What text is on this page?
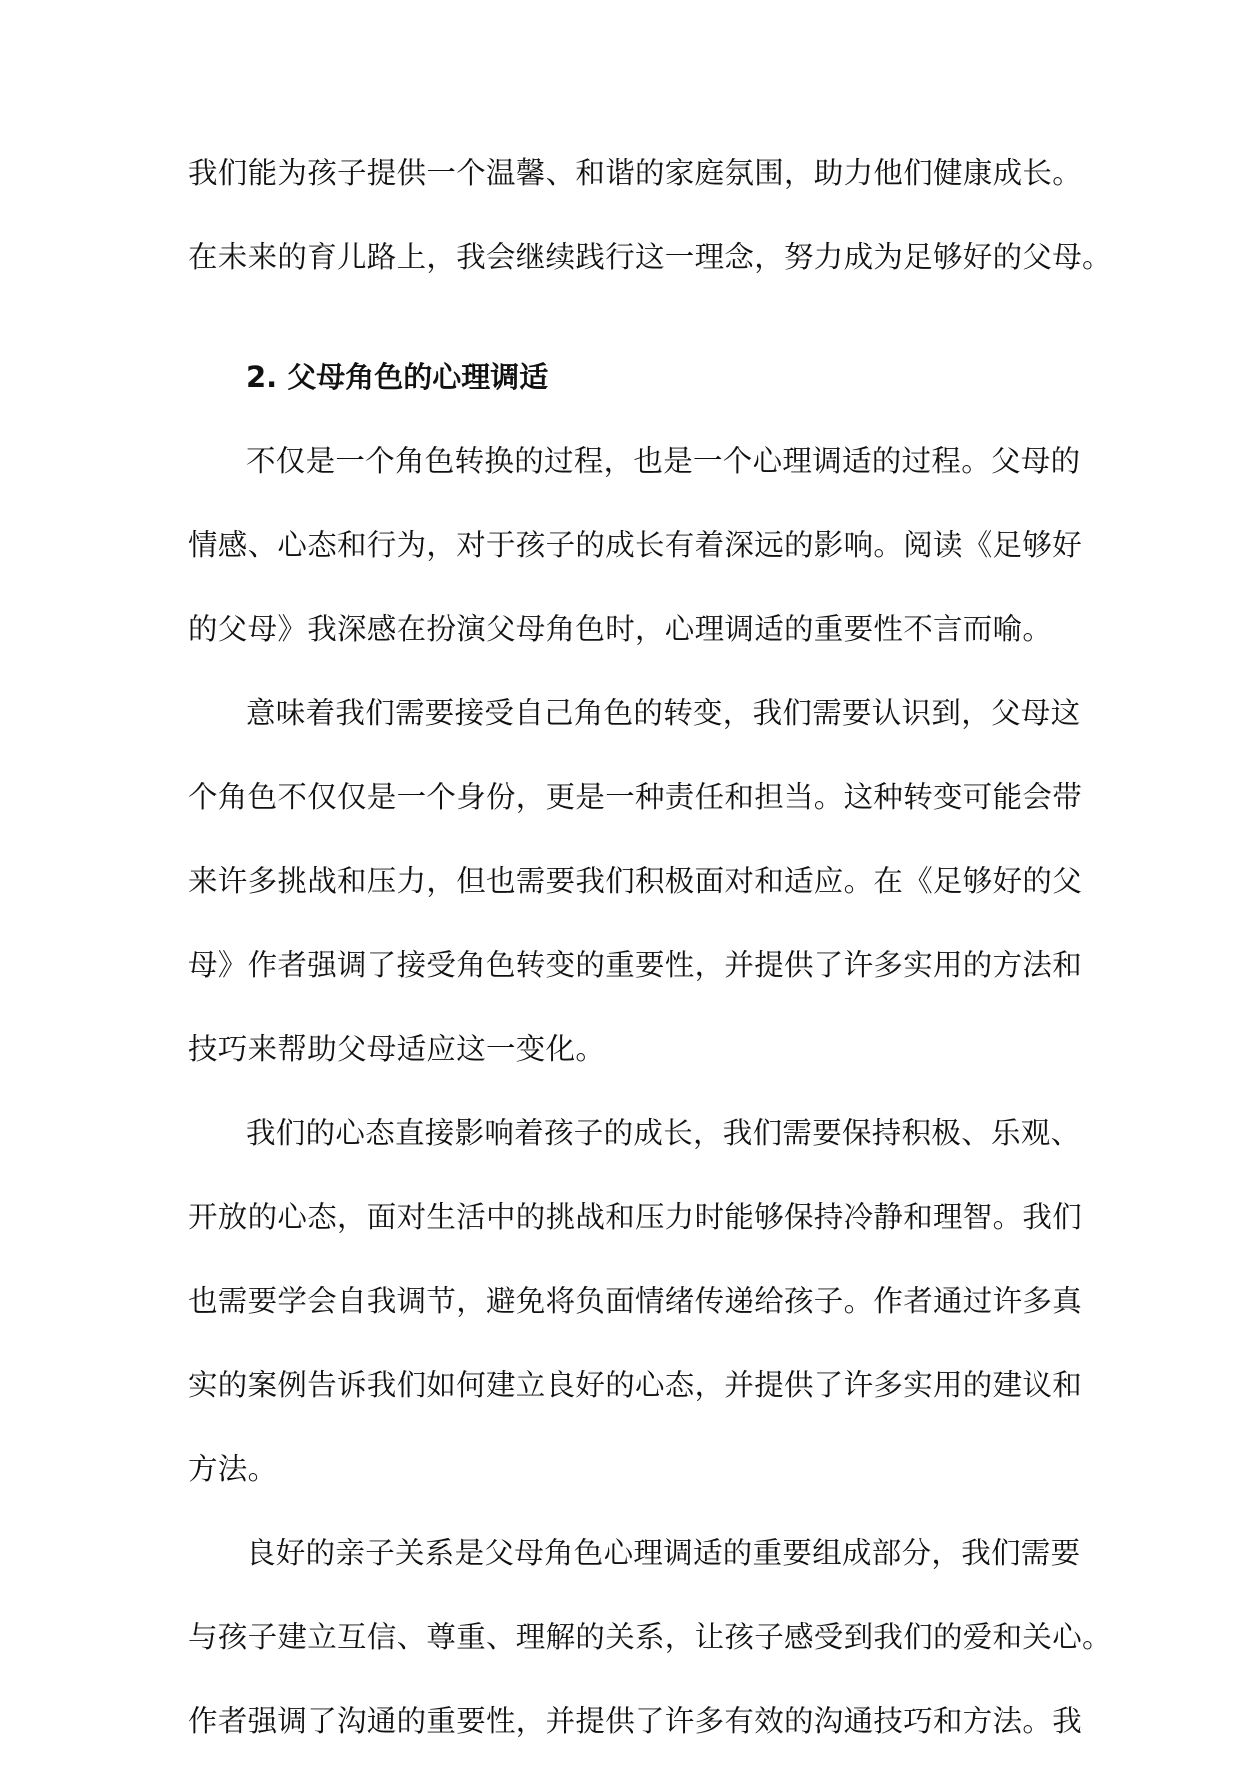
我们能为孩子提供一个温馨、和谐的家庭氛围，助力他们健康成长。
在未来的育儿路上，我会继续践行这一理念，努力成为足够好的父母。
2. 父母角色的心理调适
不仅是一个角色转换的过程，也是一个心理调适的过程。父母的
情感、心态和行为，对于孩子的成长有着深远的影响。阅读《足够好
的父母》我深感在扮演父母角色时，心理调适的重要性不言而喻。
意味着我们需要接受自己角色的转变，我们需要认识到，父母这
个角色不仅仅是一个身份，更是一种责任和担当。这种转变可能会带
来许多挑战和压力，但也需要我们积极面对和适应。在《足够好的父
母》作者强调了接受角色转变的重要性，并提供了许多实用的方法和
技巧来帮助父母适应这一变化。
我们的心态直接影响着孩子的成长，我们需要保持积极、乐观、
开放的心态，面对生活中的挑战和压力时能够保持冷静和理智。我们
也需要学会自我调节，避免将负面情绪传递给孩子。作者通过许多真
实的案例告诉我们如何建立良好的心态，并提供了许多实用的建议和
方法。
良好的亲子关系是父母角色心理调适的重要组成部分，我们需要
与孩子建立互信、尊重、理解的关系，让孩子感受到我们的爱和关心。
作者强调了沟通的重要性，并提供了许多有效的沟通技巧和方法。我
